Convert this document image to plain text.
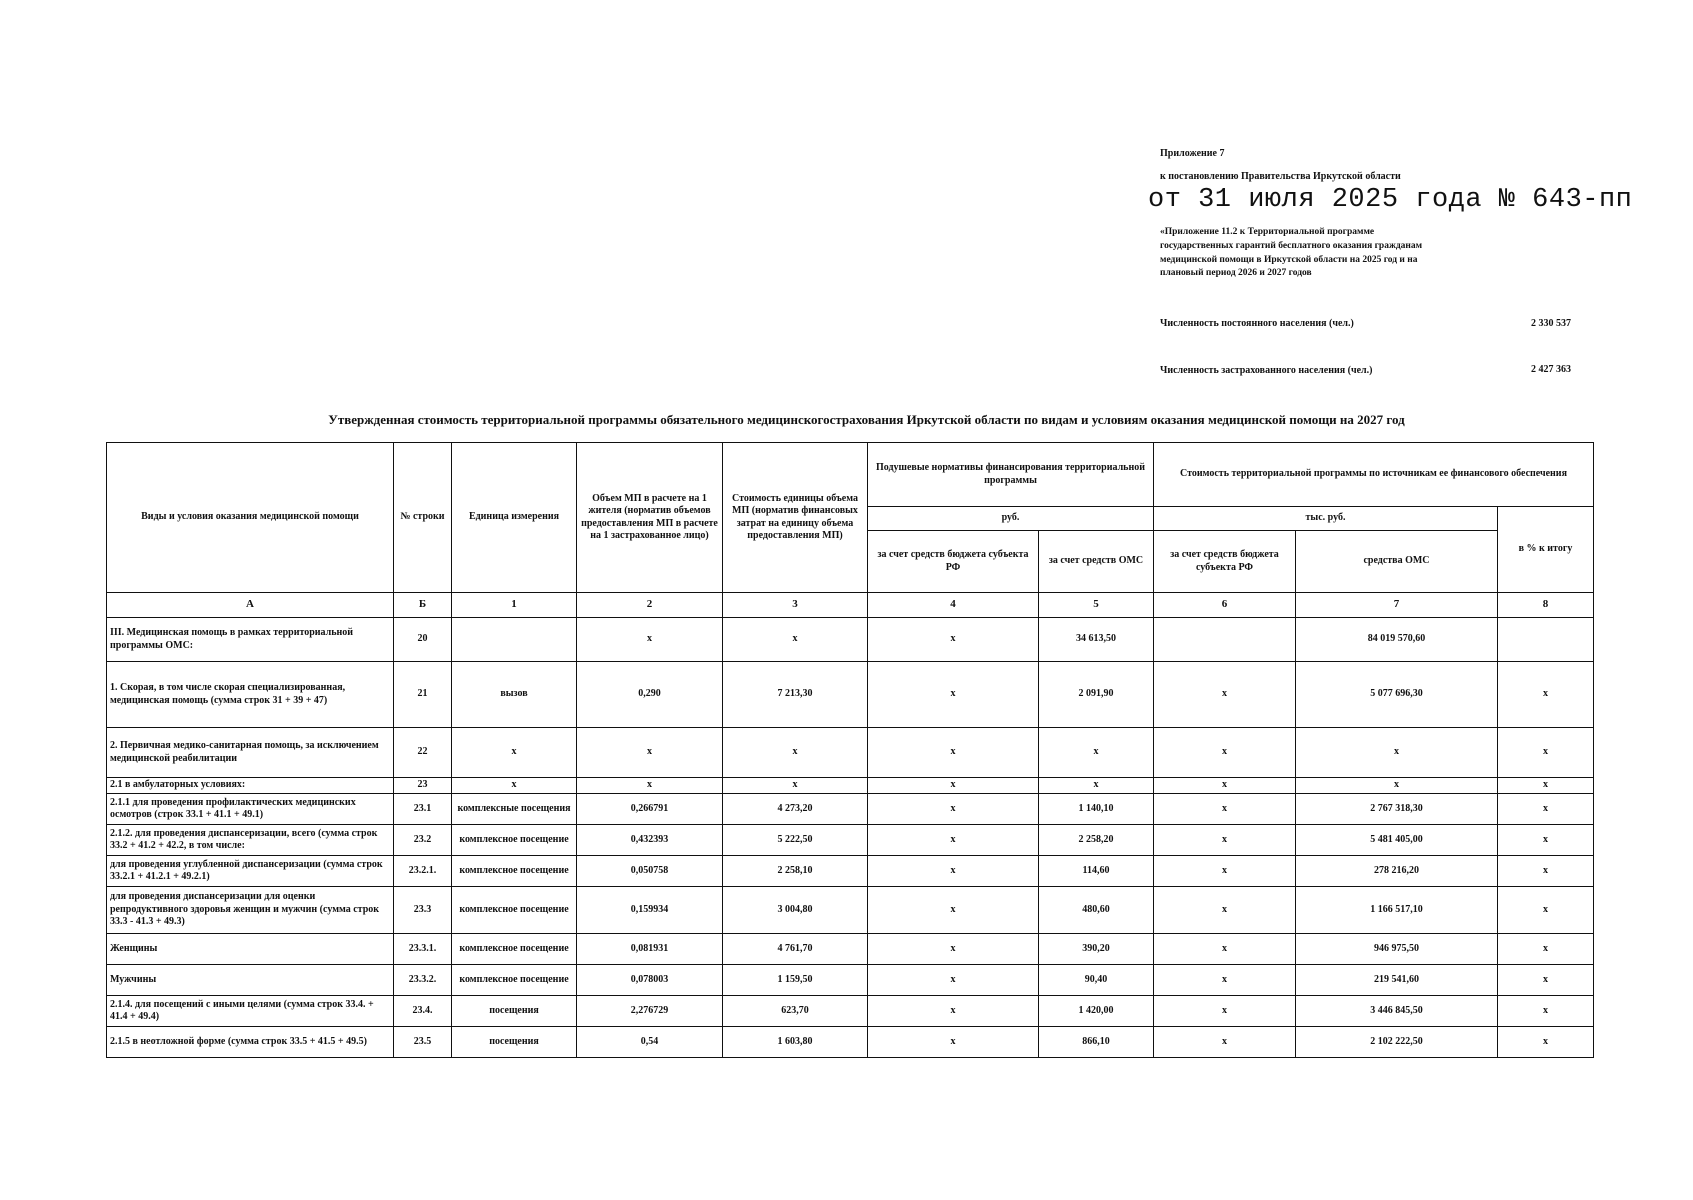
Приложение 7
к постановлению Правительства Иркутской области
от 31 июля 2025 года № 643-пп
«Приложение 11.2 к Территориальной программе
государственных гарантий бесплатного оказания гражданам
медицинской помощи в Иркутской области на 2025 год и на
плановый период 2026 и 2027 годов
Численность постоянного населения (чел.)	2 330 537
Численность застрахованного населения (чел.)	2 427 363
Утвержденная стоимость территориальной программы обязательного медицинскогострахования Иркутской области по видам и условиям оказания медицинской помощи на 2027 год
Виды и условия оказания медицинской помощи	№ строки	Единица измерения	Объем МП в расчете на 1 жителя (норматив объемов предоставления МП в расчете на 1 застрахованное лицо)	Стоимость единицы объема МП (норматив финансовых затрат на единицу объема предоставления МП)	Подушевые нормативы финансирования территориальной программы		Стоимость территориальной программы по источникам ее финансового обеспечения		
					руб.		тыс. руб.		в % к итогу
					за счет средств бюджета субъекта РФ	за счет средств ОМС	за счет средств бюджета субъекта РФ	средства ОМС	
А	Б	1	2	3	4	5	6	7	8
III. Медицинская помощь в рамках территориальной программы ОМС:	20		х	х	х	34 613,50		84 019 570,60	
1. Скорая, в том числе скорая специализированная, медицинская помощь (сумма строк 31 + 39 + 47)	21	вызов	0,290	7 213,30	х	2 091,90	х	5 077 696,30	х
2. Первичная медико-санитарная помощь, за исключением медицинской реабилитации	22	х	х	х	х	х	х	х	х
2.1 в амбулаторных условиях:	23	х	х	х	х	х	х	х	х
2.1.1 для проведения профилактических медицинских осмотров (строк 33.1 + 41.1 + 49.1)	23.1	комплексные посещения	0,266791	4 273,20	х	1 140,10	х	2 767 318,30	х
2.1.2. для проведения диспансеризации, всего (сумма строк 33.2 + 41.2 + 42.2, в том числе:	23.2	комплексное посещение	0,432393	5 222,50	х	2 258,20	х	5 481 405,00	х
для проведения углубленной диспансеризации (сумма строк 33.2.1 + 41.2.1 + 49.2.1)	23.2.1.	комплексное посещение	0,050758	2 258,10	х	114,60	х	278 216,20	х
для проведения диспансеризации для оценки репродуктивного здоровья женщин и мужчин (сумма строк 33.3 - 41.3 + 49.3)	23.3	комплексное посещение	0,159934	3 004,80	х	480,60	х	1 166 517,10	х
Женщины	23.3.1.	комплексное посещение	0,081931	4 761,70	х	390,20	х	946 975,50	х
Мужчины	23.3.2.	комплексное посещение	0,078003	1 159,50	х	90,40	х	219 541,60	х
2.1.4. для посещений с иными целями (сумма строк 33.4. + 41.4 + 49.4)	23.4.	посещения	2,276729	623,70	х	1 420,00	х	3 446 845,50	х
2.1.5 в неотложной форме (сумма строк 33.5 + 41.5 + 49.5)	23.5	посещения	0,54	1 603,80	х	866,10	х	2 102 222,50	х
